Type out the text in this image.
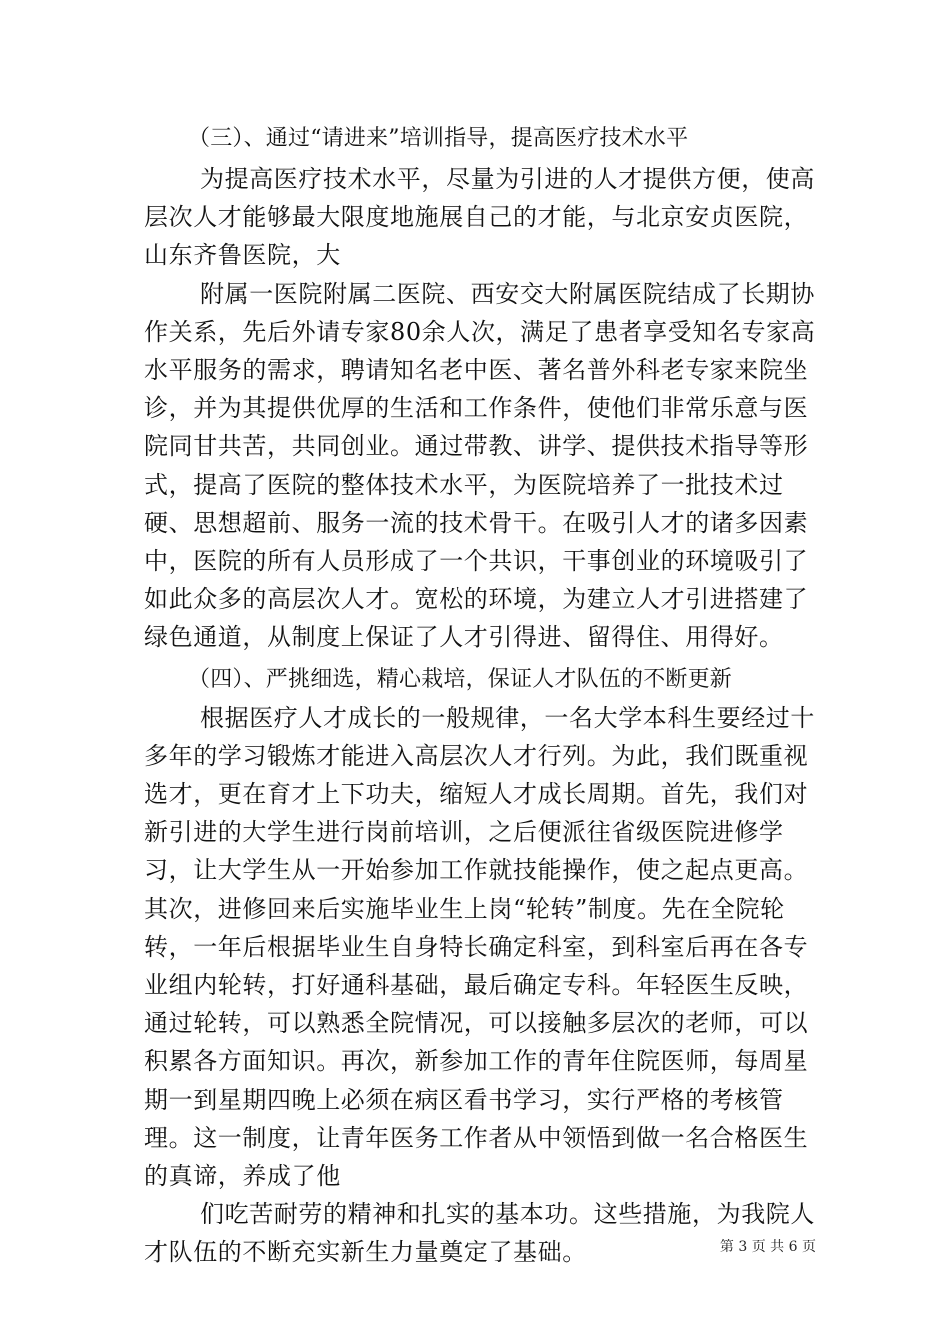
（三）、通过“请进来”培训指导，提高医疗技术水平

为提高医疗技术水平，尽量为引进的人才提供方便，使高层次人才能够最大限度地施展自己的才能，与北京安贞医院，山东齐鲁医院，大

附属一医院附属二医院、西安交大附属医院结成了长期协作关系，先后外请专家80余人次，满足了患者享受知名专家高水平服务的需求，聘请知名老中医、著名普外科老专家来院坐诊，并为其提供优厚的生活和工作条件，使他们非常乐意与医院同甘共苦，共同创业。通过带教、讲学、提供技术指导等形式，提高了医院的整体技术水平，为医院培养了一批技术过硬、思想超前、服务一流的技术骨干。在吸引人才的诸多因素中，医院的所有人员形成了一个共识，干事创业的环境吸引了如此众多的高层次人才。宽松的环境，为建立人才引进搭建了绿色通道，从制度上保证了人才引得进、留得住、用得好。

（四）、严挑细选，精心栽培，保证人才队伍的不断更新

根据医疗人才成长的一般规律，一名大学本科生要经过十多年的学习锻炼才能进入高层次人才行列。为此，我们既重视选才，更在育才上下功夫，缩短人才成长周期。首先，我们对新引进的大学生进行岗前培训，之后便派往省级医院进修学习，让大学生从一开始参加工作就技能操作，使之起点更高。其次，进修回来后实施毕业生上岗“轮转”制度。先在全院轮转，一年后根据毕业生自身特长确定科室，到科室后再在各专业组内轮转，打好通科基础，最后确定专科。年轻医生反映，通过轮转，可以熟悉全院情况，可以接触多层次的老师，可以积累各方面知识。再次，新参加工作的青年住院医师，每周星期一到星期四晚上必须在病区看书学习，实行严格的考核管理。这一制度，让青年医务工作者从中领悟到做一名合格医生的真谛，养成了他

们吃苦耐劳的精神和扎实的基本功。这些措施，为我院人才队伍的不断充实新生力量奠定了基础。	第 3 页 共 6 页
